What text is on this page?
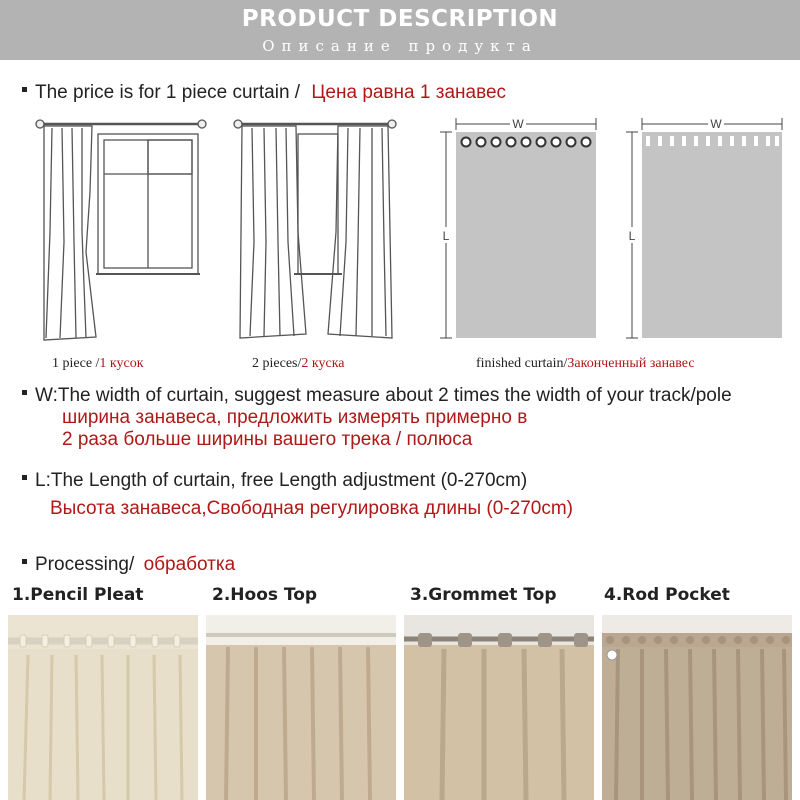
PRODUCT DESCRIPTION
Описание продукта
The price is for 1 piece curtain / Цена равна 1 занавес
1 piece /1 кусок	2 pieces/2 куска
W
L
W
L
finished curtain/Законченный занавес
W:The width of curtain, suggest measure about 2 times the width of your track/pole
ширина занавеса, предложить измерять примерно в
2 раза больше ширины вашего трека / полюса
L:The Length of curtain, free Length adjustment (0-270cm)
Высота занавеса,Свободная регулировка длины (0-270cm)
Processing/ обработка
1.Pencil Pleat	2.Hoos Top	3.Grommet Top	4.Rod Pocket
